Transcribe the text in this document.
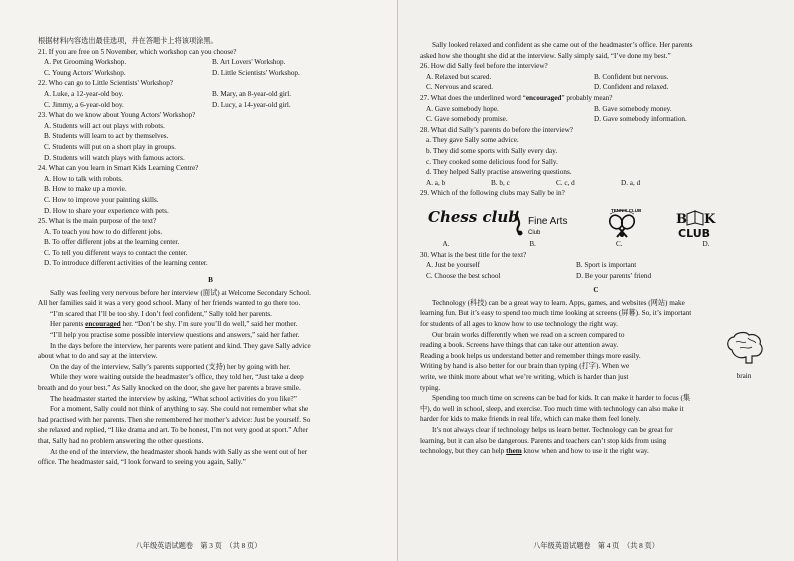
根据材料内容选出最佳选项，并在答题卡上将该项涂黑。
21. If you are free on 5 November, which workshop can you choose?
A. Pet Grooming Workshop.	B. Art Lovers' Workshop.
C. Young Actors' Workshop.	D. Little Scientists' Workshop.
22. Who can go to Little Scientists' Workshop?
A. Luke, a 12-year-old boy.	B. Mary, an 8-year-old girl.
C. Jimmy, a 6-year-old boy.	D. Lucy, a 14-year-old girl.
23. What do we know about Young Actors' Workshop?
A. Students will act out plays with robots.
B. Students will learn to act by themselves.
C. Students will put on a short play in groups.
D. Students will watch plays with famous actors.
24. What can you learn in Smart Kids Learning Centre?
A. How to talk with robots.
B. How to make up a movie.
C. How to improve your painting skills.
D. How to share your experience with pets.
25. What is the main purpose of the text?
A. To teach you how to do different jobs.
B. To offer different jobs at the learning center.
C. To tell you different ways to contact the center.
D. To introduce different activities of the learning center.
B
Sally was feeling very nervous before her interview (面试) at Welcome Secondary School.
All her families said it was a very good school. Many of her friends wanted to go there too.
“I’m scared that I’ll be too shy. I don’t feel confident,” Sally told her parents.
Her parents encouraged her. “Don’t be shy. I’m sure you’ll do well,” said her mother.
“I’ll help you practise some possible interview questions and answers,” said her father.
In the days before the interview, her parents were patient and kind. They gave Sally advice
about what to do and say at the interview.
On the day of the interview, Sally’s parents supported (支持) her by going with her.
While they were waiting outside the headmaster’s office, they told her, “Just take a deep
breath and do your best.” As Sally knocked on the door, she gave her parents a brave smile.
The headmaster started the interview by asking, “What school activities do you like?”
For a moment, Sally could not think of anything to say. She could not remember what she
had practised with her parents. Then she remembered her mother’s advice: Just be yourself. So
she relaxed and replied, “I like drama and art. To be honest, I’m not very good at sport.” After
that, Sally had no problem answering the other questions.
At the end of the interview, the headmaster shook hands with Sally as she went out of her
office. The headmaster said, “I look forward to seeing you again, Sally.”
八年级英语试题卷　第 3 页　（共 8 页）
Sally looked relaxed and confident as she came out of the headmaster’s office. Her parents
asked how she thought she did at the interview. Sally simply said, “I’ve done my best.”
26. How did Sally feel before the interview?
A. Relaxed but scared.	B. Confident but nervous.
C. Nervous and scared.	D. Confident and relaxed.
27. What does the underlined word “encouraged” probably mean?
A. Gave somebody hope.	B. Gave somebody money.
C. Gave somebody promise.	D. Gave somebody information.
28. What did Sally’s parents do before the interview?
a. They gave Sally some advice.
b. They did some sports with Sally every day.
c. They cooked some delicious food for Sally.
d. They helped Sally practise answering questions.
A. a, b	B. b, c	C. c, d	D. a, d
29. Which of the following clubs may Sally be in?
Chess club Fine Arts
Club
TENNIS CLUB
B K
CLUB
A.	B.	C.	D.
30. What is the best title for the text?
A. Just be yourself	B. Sport is important
C. Choose the best school	D. Be your parents’ friend
C
Technology (科技) can be a great way to learn. Apps, games, and websites (网站) make
learning fun. But it’s easy to spend too much time looking at screens (屏幕). So, it’s important
for students of all ages to know how to use technology the right way.
Our brain works differently when we read on a screen compared to
reading a book. Screens have things that can take our attention away.
Reading a book helps us understand better and remember things more easily.
Writing by hand is also better for our brain than typing (打字). When we
write, we think more about what we’re writing, which is harder than just
typing.
brain
Spending too much time on screens can be bad for kids. It can make it harder to focus (集
中), do well in school, sleep, and exercise. Too much time with technology can also make it
harder for kids to make friends in real life, which can make them feel lonely.
It’s not always clear if technology helps us learn better. Technology can be great for
learning, but it can also be dangerous. Parents and teachers can’t stop kids from using
technology, but they can help them know when and how to use it the right way.
八年级英语试题卷　第 4 页　（共 8 页）
